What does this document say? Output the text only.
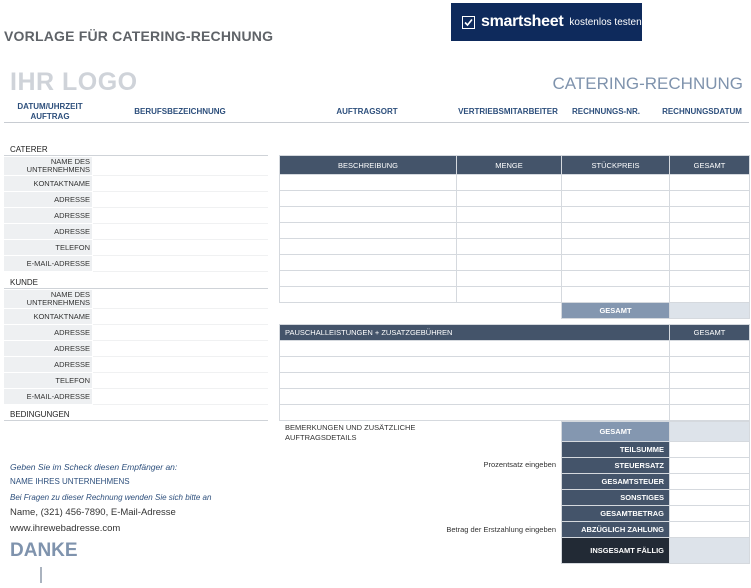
VORLAGE FÜR CATERING-RECHNUNG
smartsheet kostenlos testen
IHR LOGO	CATERING-RECHNUNG
DATUM/UHRZEIT AUFTRAG
BERUFSBEZEICHNUNG	AUFTRAGSORT	VERTRIEBSMITARBEITER	RECHNUNGS-NR.	RECHNUNGSDATUM
CATERER
NAME DES UNTERNEHMENS
KONTAKTNAME
ADRESSE
ADRESSE
ADRESSE
TELEFON
E-MAIL-ADRESSE
KUNDE
NAME DES UNTERNEHMENS
KONTAKTNAME
ADRESSE
ADRESSE
ADRESSE
TELEFON
E-MAIL-ADRESSE
BEDINGUNGEN
BESCHREIBUNG	MENGE	STÜCKPREIS	GESAMT

		GESAMT	
PAUSCHALLEISTUNGEN + ZUSATZGEBÜHREN	GESAMT

BEMERKUNGEN UND ZUSÄTZLICHE AUFTRAGSDETAILS
GESAMT	
TEILSUMME	
STEUERSATZ	
GESAMTSTEUER	
SONSTIGES	
GESAMTBETRAG	
ABZÜGLICH ZAHLUNG	
INSGESAMT FÄLLIG	
Prozentsatz eingeben
Betrag der Erstzahlung eingeben
Geben Sie im Scheck diesen Empfänger an:
NAME IHRES UNTERNEHMENS
Bei Fragen zu dieser Rechnung wenden Sie sich bitte an
Name, (321) 456-7890, E-Mail-Adresse
www.ihrewebadresse.com
DANKE
